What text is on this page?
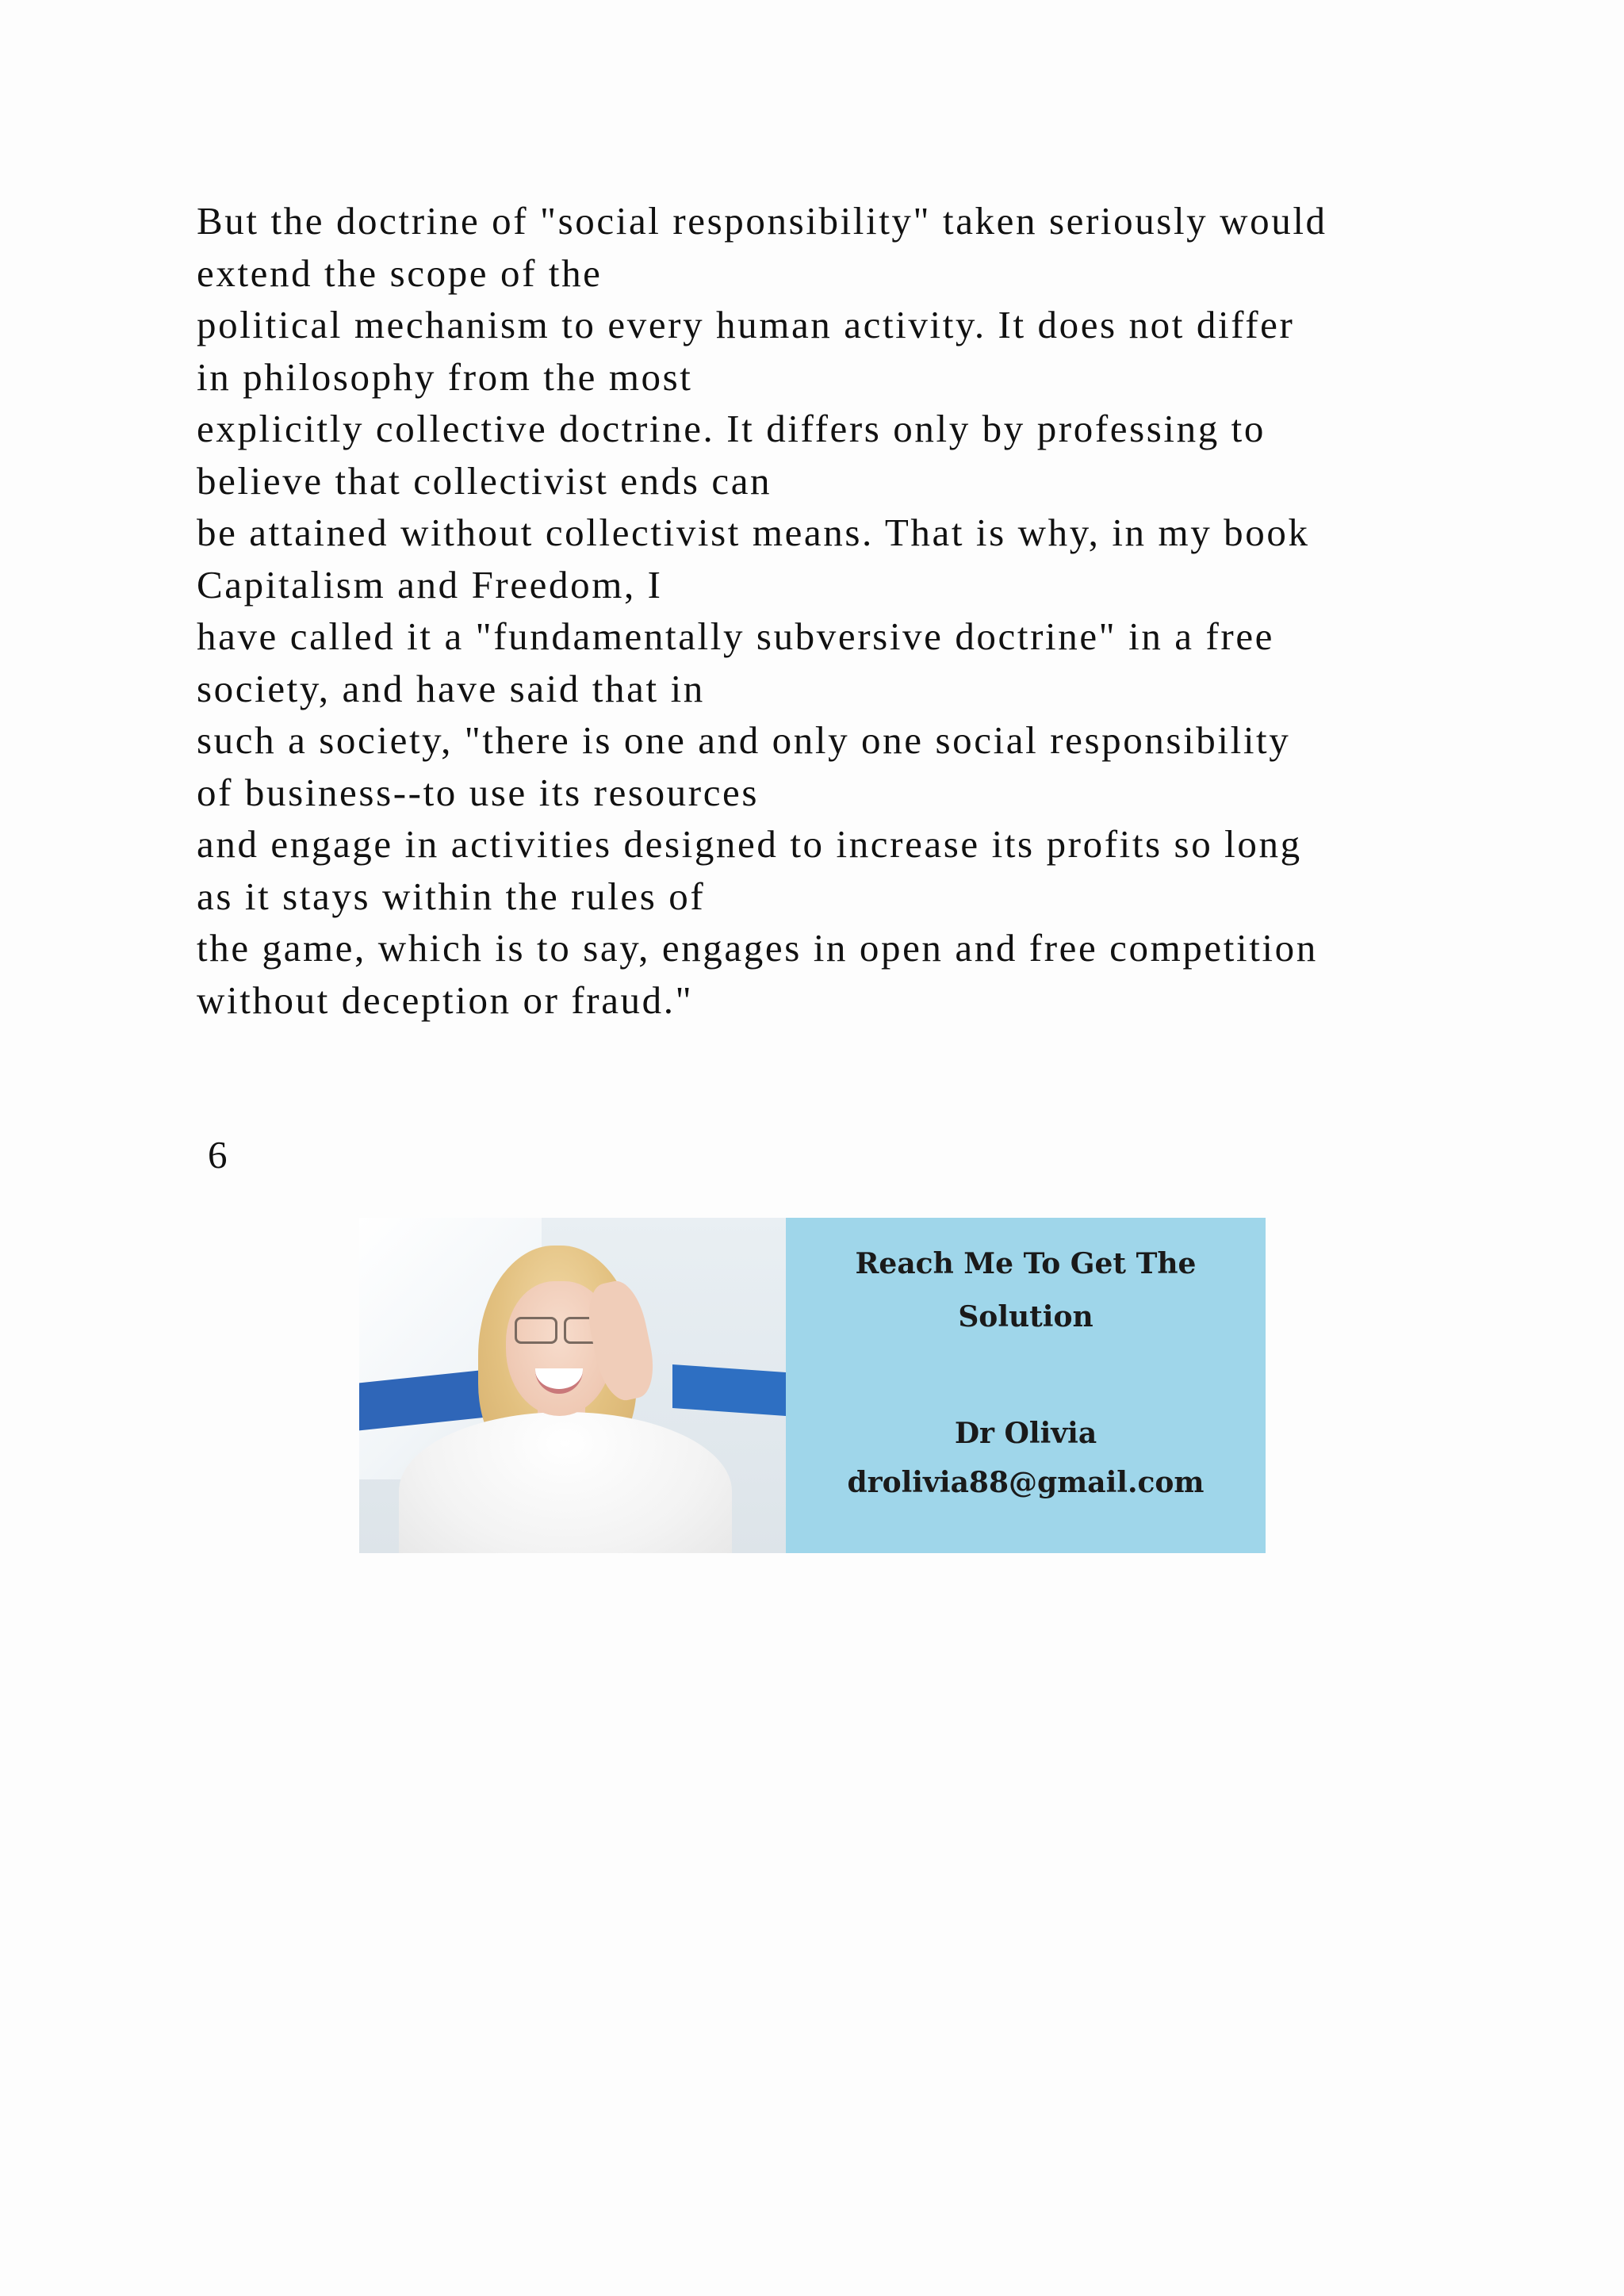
But the doctrine of "social responsibility" taken seriously would

extend the scope of the

political mechanism to every human activity. It does not differ

in philosophy from the most

explicitly collective doctrine. It differs only by professing to

believe that collectivist ends can

be attained without collectivist means. That is why, in my book

Capitalism and Freedom, I

have called it a "fundamentally subversive doctrine" in a free

society, and have said that in

such a society, "there is one and only one social responsibility

of business--to use its resources

and engage in activities designed to increase its profits so long

as it stays within the rules of

the game, which is to say, engages in open and free competition

without deception or fraud."

6

Reach Me To Get The

Solution

Dr Olivia

drolivia88@gmail.com
